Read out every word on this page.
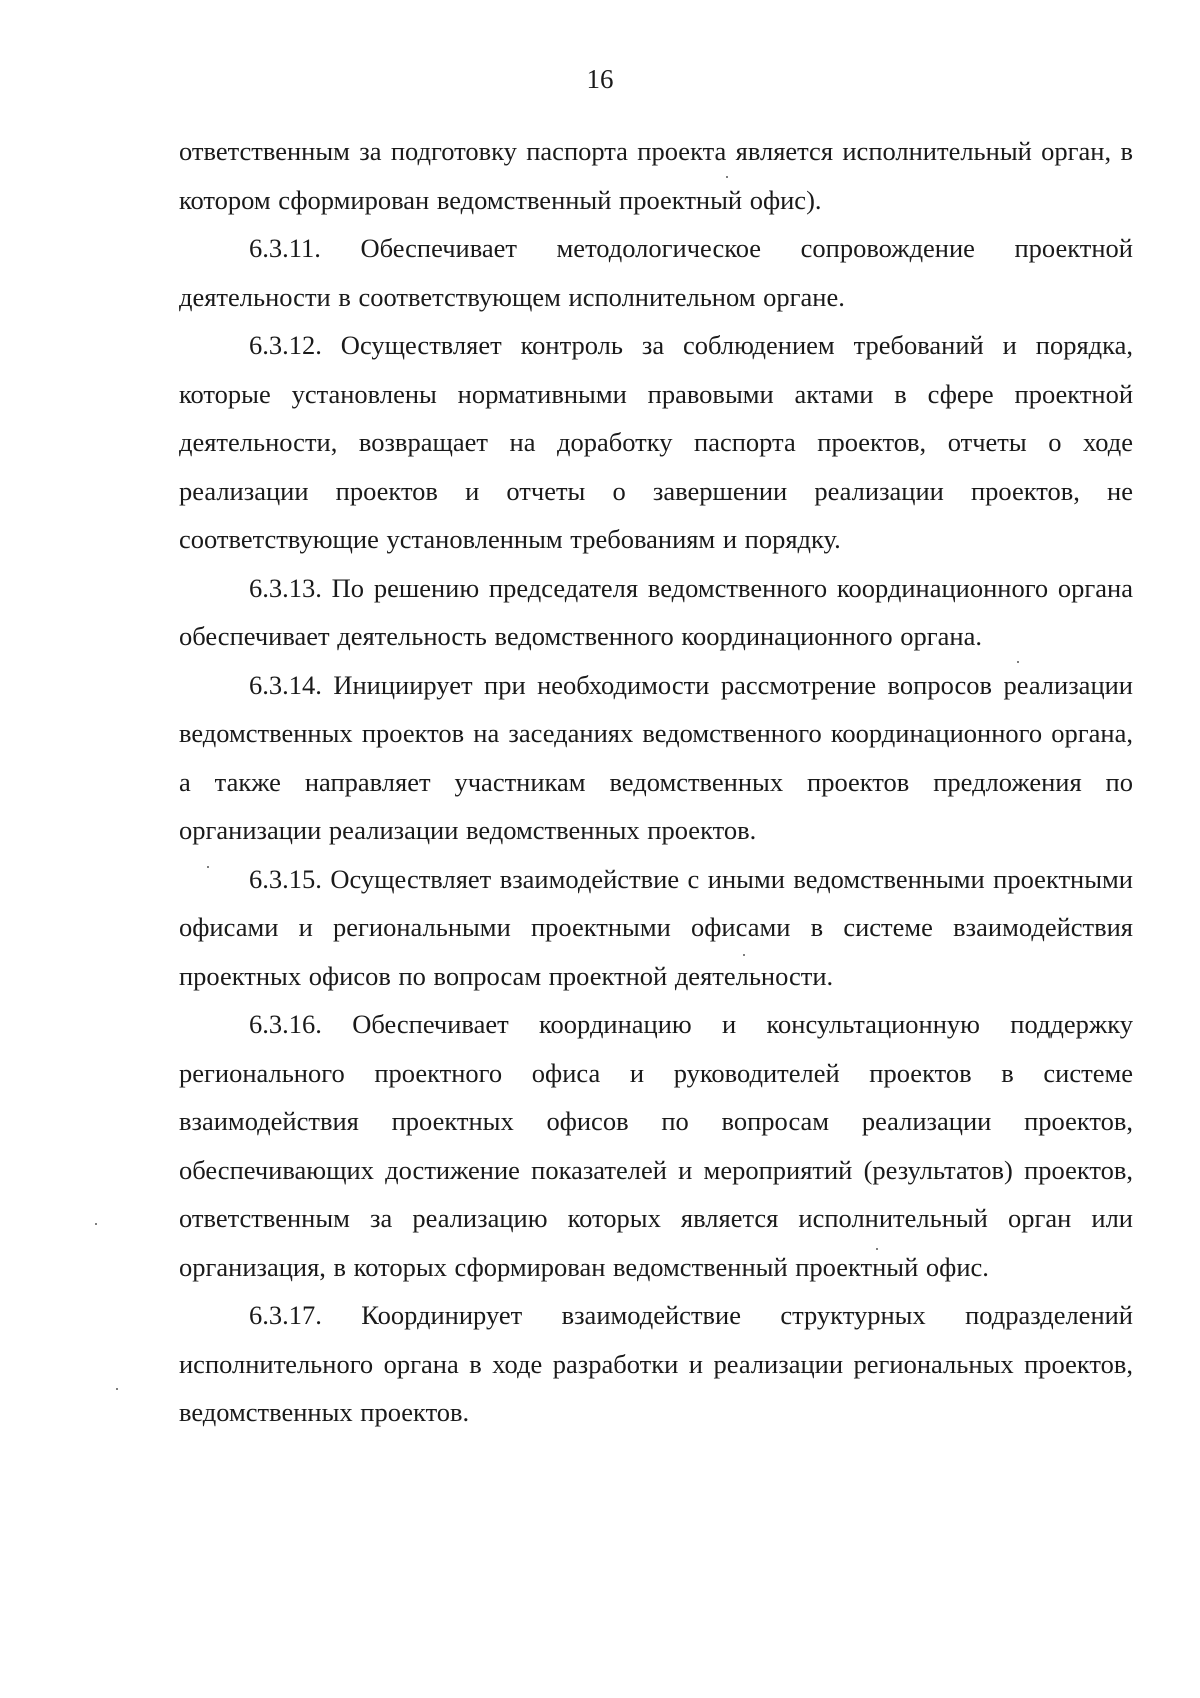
16

ответственным за подготовку паспорта проекта является исполнительный орган, в котором сформирован ведомственный проектный офис).

6.3.11. Обеспечивает методологическое сопровождение проектной деятельности в соответствующем исполнительном органе.

6.3.12. Осуществляет контроль за соблюдением требований и порядка, которые установлены нормативными правовыми актами в сфере проектной деятельности, возвращает на доработку паспорта проектов, отчеты о ходе реализации проектов и отчеты о завершении реализации проектов, не соответствующие установленным требованиям и порядку.

6.3.13. По решению председателя ведомственного координационного органа обеспечивает деятельность ведомственного координационного органа.

6.3.14. Инициирует при необходимости рассмотрение вопросов реализации ведомственных проектов на заседаниях ведомственного координационного органа, а также направляет участникам ведомственных проектов предложения по организации реализации ведомственных проектов.

6.3.15. Осуществляет взаимодействие с иными ведомственными проектными офисами и региональными проектными офисами в системе взаимодействия проектных офисов по вопросам проектной деятельности.

6.3.16. Обеспечивает координацию и консультационную поддержку регионального проектного офиса и руководителей проектов в системе взаимодействия проектных офисов по вопросам реализации проектов, обеспечивающих достижение показателей и мероприятий (результатов) проектов, ответственным за реализацию которых является исполнительный орган или организация, в которых сформирован ведомственный проектный офис.

6.3.17. Координирует взаимодействие структурных подразделений исполнительного органа в ходе разработки и реализации региональных проектов, ведомственных проектов.
